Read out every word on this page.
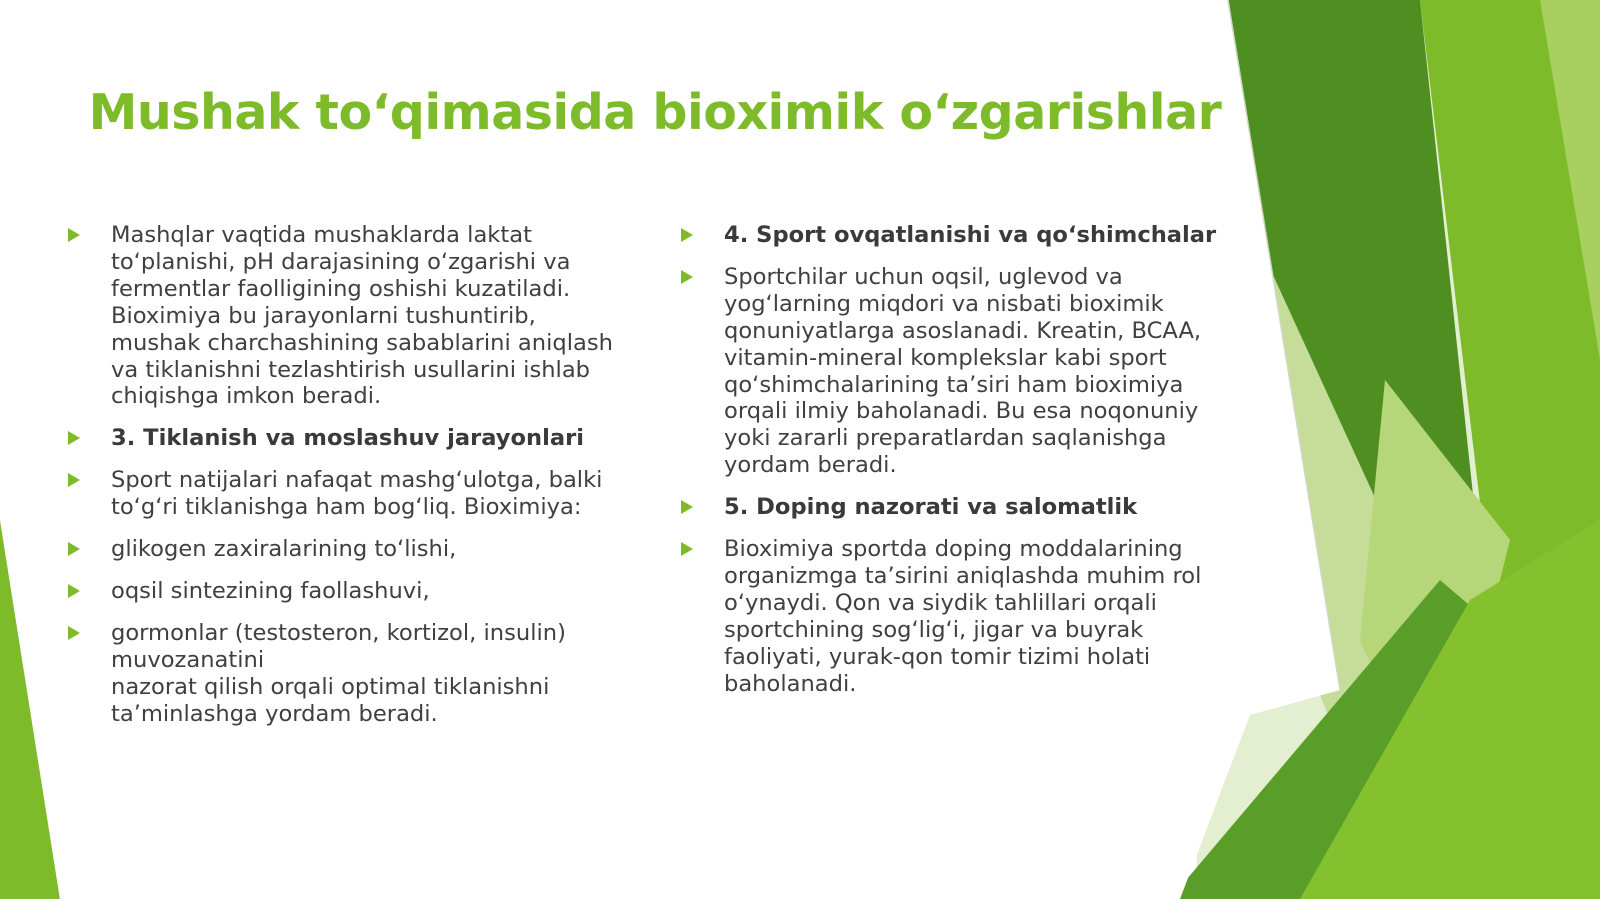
Mushak to‘qimasida bioximik o‘zgarishlar
Mashqlar vaqtida mushaklarda laktat to‘planishi, pH darajasining o‘zgarishi va fermentlar faolligining oshishi kuzatiladi. Bioximiya bu jarayonlarni tushuntirib, mushak charchashining sabablarini aniqlash va tiklanishni tezlashtirish usullarini ishlab chiqishga imkon beradi.
3. Tiklanish va moslashuv jarayonlari
Sport natijalari nafaqat mashg‘ulotga, balki to‘g‘ri tiklanishga ham bog‘liq. Bioximiya:
glikogen zaxiralarining to‘lishi,
oqsil sintezining faollashuvi,
gormonlar (testosteron, kortizol, insulin) muvozanatini
nazorat qilish orqali optimal tiklanishni ta’minlashga yordam beradi.
4. Sport ovqatlanishi va qo‘shimchalar
Sportchilar uchun oqsil, uglevod va yog‘larning miqdori va nisbati bioximik qonuniyatlarga asoslanadi. Kreatin, BCAA, vitamin-mineral komplekslar kabi sport qo‘shimchalarining ta’siri ham bioximiya orqali ilmiy baholanadi. Bu esa noqonuniy yoki zararli preparatlardan saqlanishga yordam beradi.
5. Doping nazorati va salomatlik
Bioximiya sportda doping moddalarining organizmga ta’sirini aniqlashda muhim rol o‘ynaydi. Qon va siydik tahlillari orqali sportchining sog‘lig‘i, jigar va buyrak faoliyati, yurak-qon tomir tizimi holati baholanadi.
